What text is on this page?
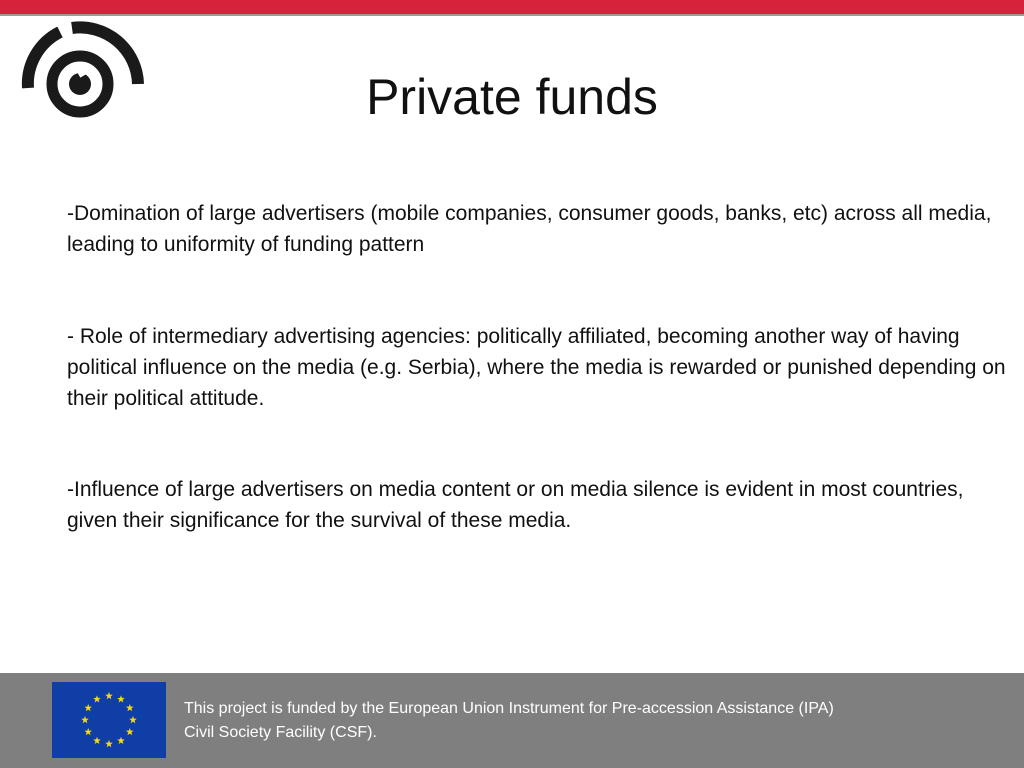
Private funds

-Domination of large advertisers (mobile companies, consumer goods, banks, etc) across all media, leading to uniformity of funding pattern

- Role of intermediary advertising agencies: politically affiliated, becoming another way of having political influence on the media (e.g. Serbia), where the media is rewarded or punished depending on their political attitude.

-Influence of large advertisers on media content or on media silence is evident in most countries, given their significance for the survival of these media.

This project is funded by the European Union Instrument for Pre-accession Assistance (IPA)
Civil Society Facility (CSF).
